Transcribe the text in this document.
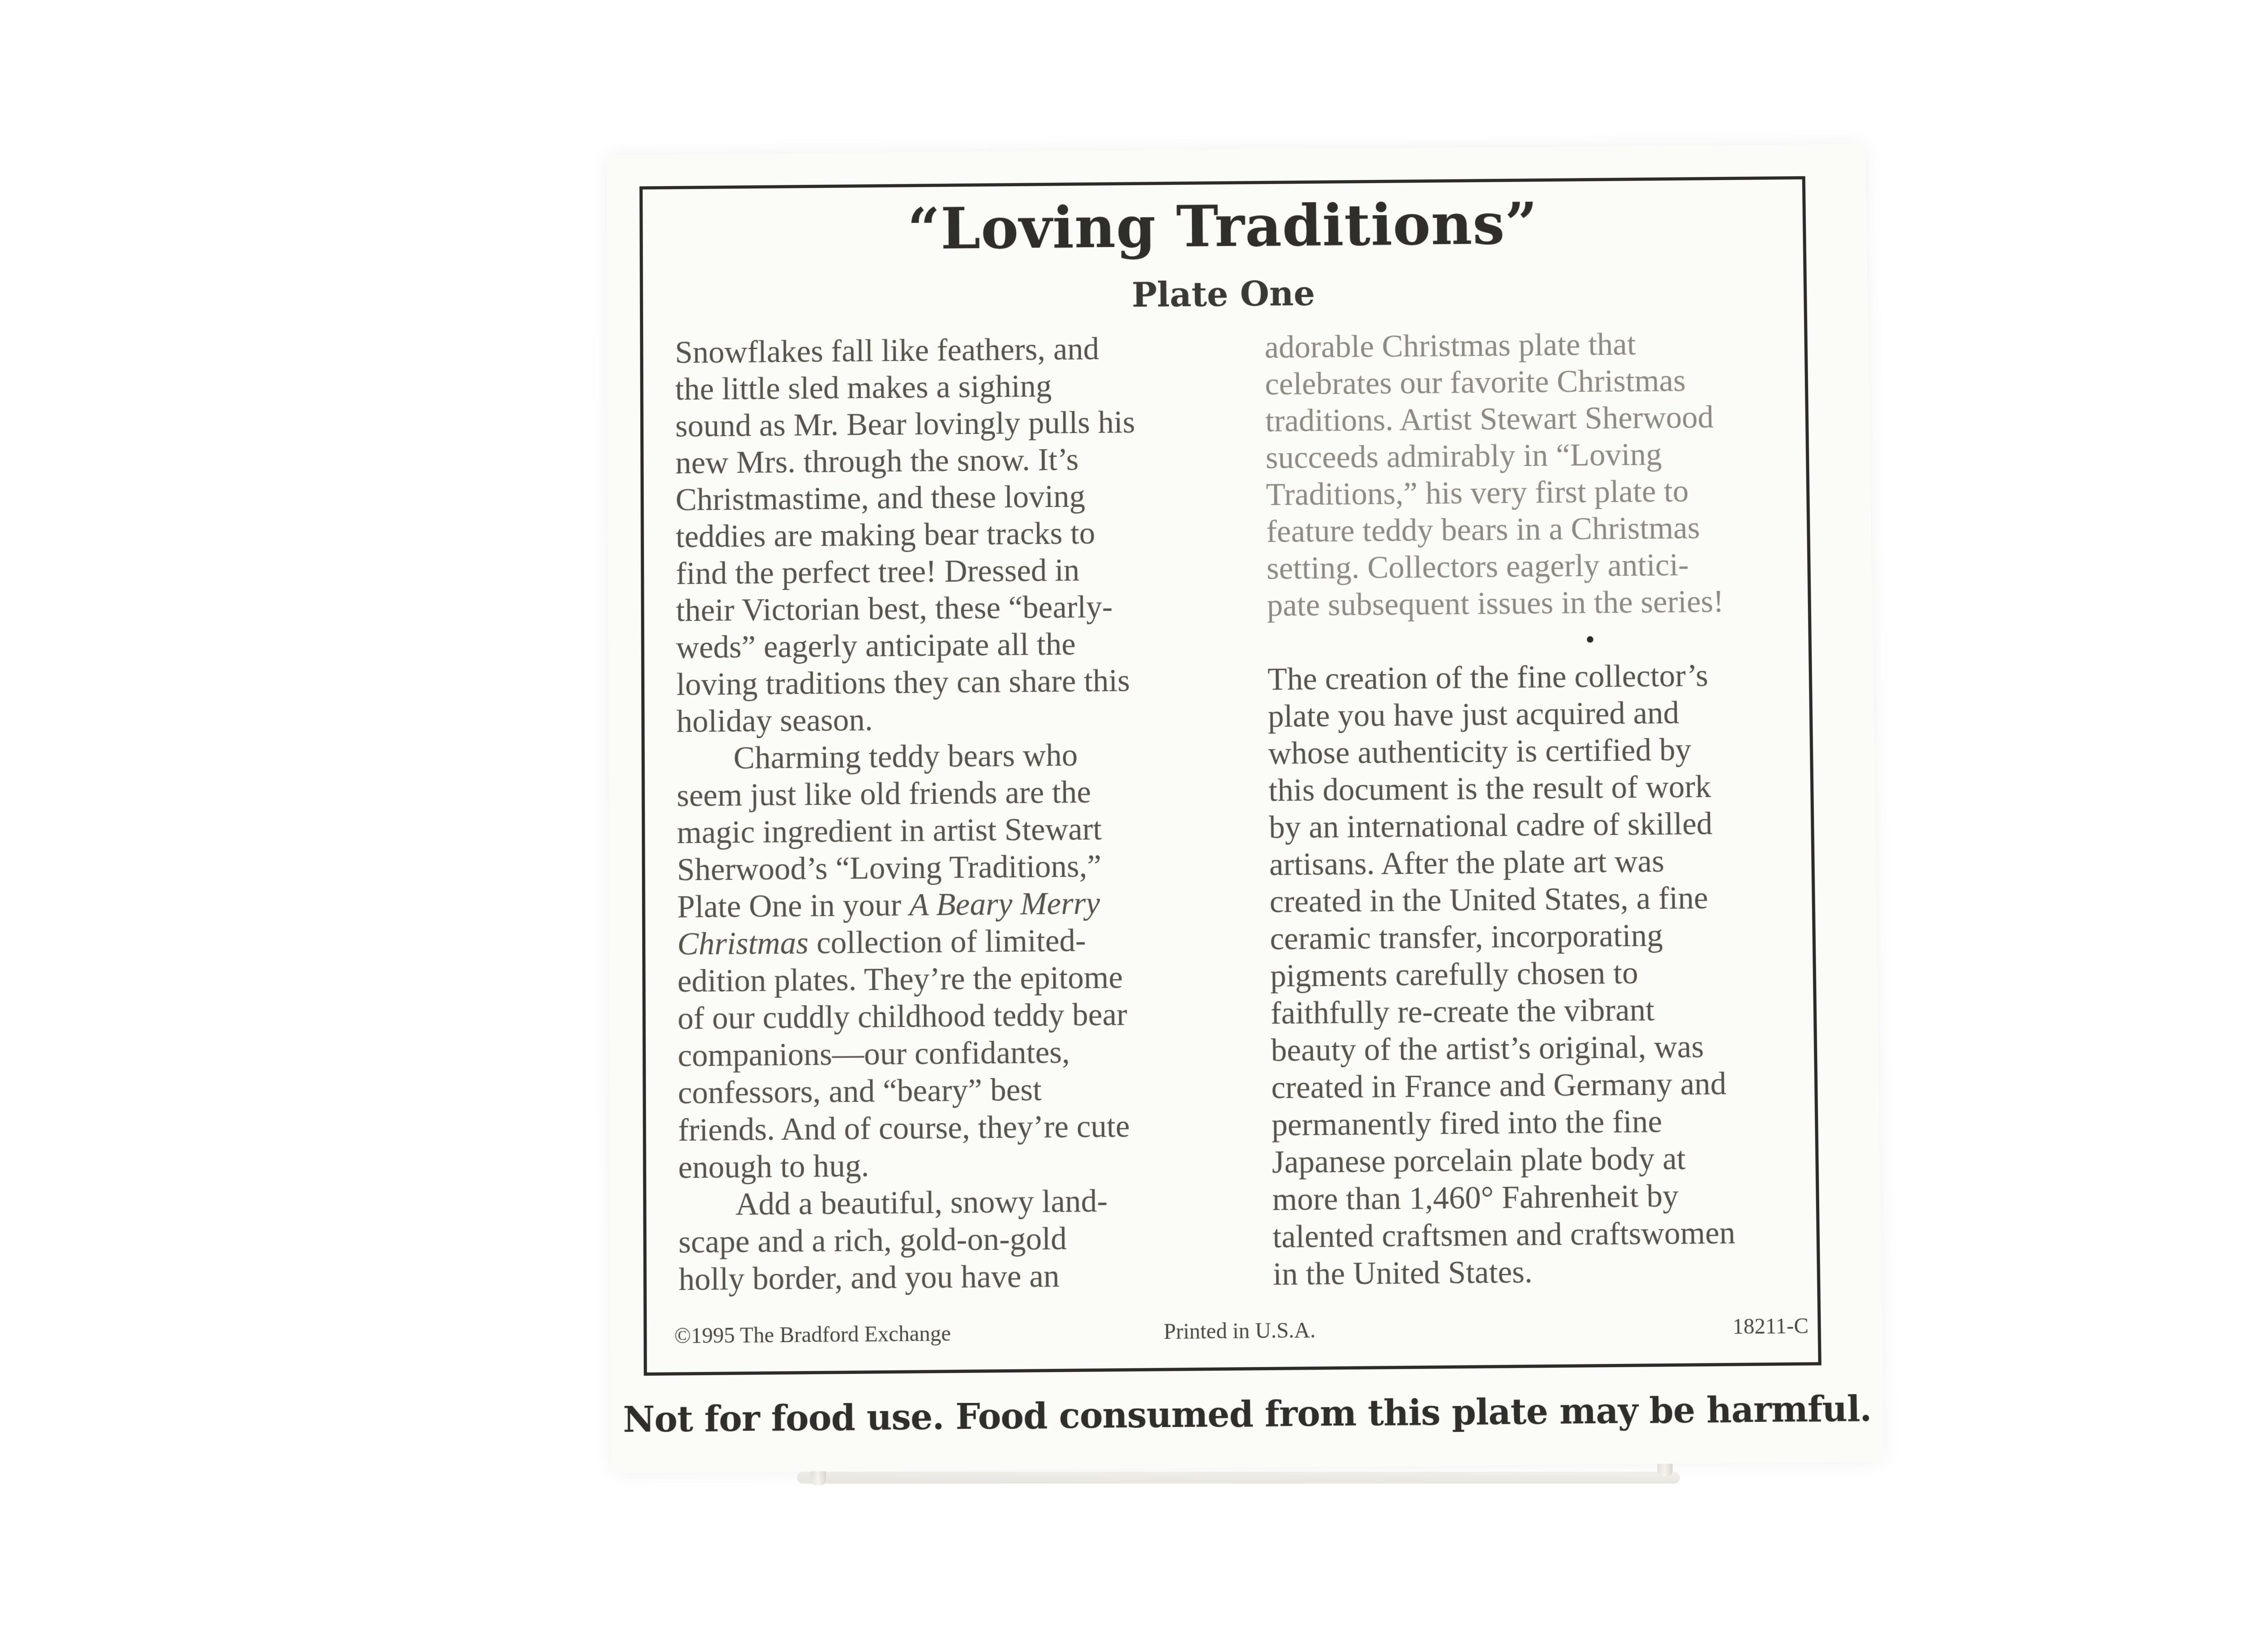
“Loving Traditions”
Plate One

Snowflakes fall like feathers, and
the little sled makes a sighing
sound as Mr. Bear lovingly pulls his
new Mrs. through the snow. It’s
Christmastime, and these loving
teddies are making bear tracks to
find the perfect tree! Dressed in
their Victorian best, these “bearly-
weds” eagerly anticipate all the
loving traditions they can share this
holiday season.

Charming teddy bears who
seem just like old friends are the
magic ingredient in artist Stewart
Sherwood’s “Loving Traditions,”
Plate One in your A Beary Merry
Christmas collection of limited-
edition plates. They’re the epitome
of our cuddly childhood teddy bear
companions—our confidantes,
confessors, and “beary” best
friends. And of course, they’re cute
enough to hug.

Add a beautiful, snowy land-
scape and a rich, gold-on-gold
holly border, and you have an

adorable Christmas plate that
celebrates our favorite Christmas
traditions. Artist Stewart Sherwood
succeeds admirably in “Loving
Traditions,” his very first plate to
feature teddy bears in a Christmas
setting. Collectors eagerly antici-
pate subsequent issues in the series!

•

The creation of the fine collector’s
plate you have just acquired and
whose authenticity is certified by
this document is the result of work
by an international cadre of skilled
artisans. After the plate art was
created in the United States, a fine
ceramic transfer, incorporating
pigments carefully chosen to
faithfully re-create the vibrant
beauty of the artist’s original, was
created in France and Germany and
permanently fired into the fine
Japanese porcelain plate body at
more than 1,460° Fahrenheit by
talented craftsmen and craftswomen
in the United States.

©1995 The Bradford Exchange	Printed in U.S.A.	18211-C
Not for food use. Food consumed from this plate may be harmful.
